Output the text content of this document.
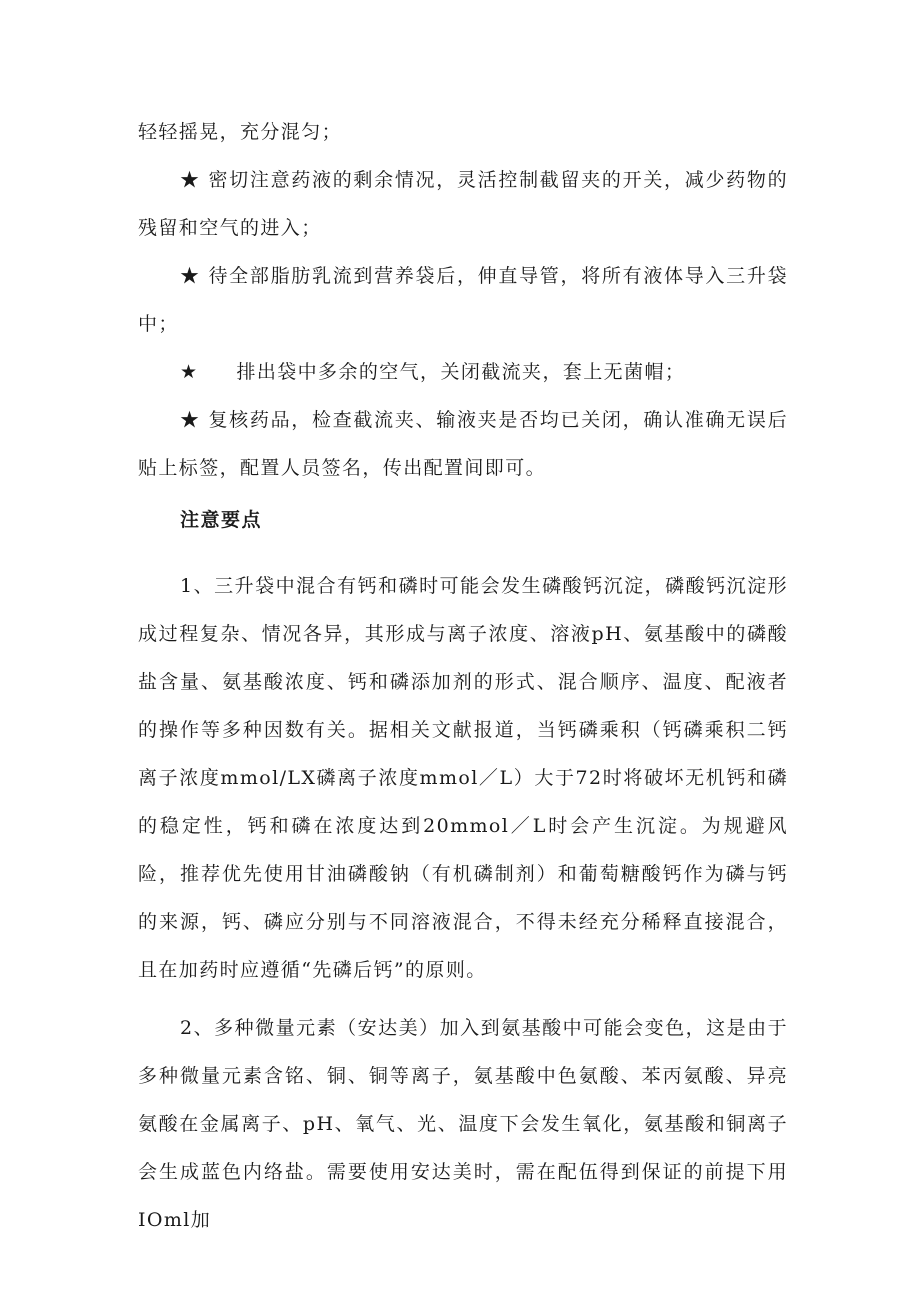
轻轻摇晃，充分混匀；

★ 密切注意药液的剩余情况，灵活控制截留夹的开关，减少药物的残留和空气的进入；

★ 待全部脂肪乳流到营养袋后，伸直导管，将所有液体导入三升袋中；

★ 排出袋中多余的空气，关闭截流夹，套上无菌帽；

★ 复核药品，检查截流夹、输液夹是否均已关闭，确认准确无误后贴上标签，配置人员签名，传出配置间即可。

注意要点

1、三升袋中混合有钙和磷时可能会发生磷酸钙沉淀，磷酸钙沉淀形成过程复杂、情况各异，其形成与离子浓度、溶液pH、氨基酸中的磷酸盐含量、氨基酸浓度、钙和磷添加剂的形式、混合顺序、温度、配液者的操作等多种因数有关。据相关文献报道，当钙磷乘积（钙磷乘积二钙离子浓度mmol/LX磷离子浓度mmol／L）大于72时将破坏无机钙和磷的稳定性，钙和磷在浓度达到20mmol／L时会产生沉淀。为规避风险，推荐优先使用甘油磷酸钠（有机磷制剂）和葡萄糖酸钙作为磷与钙的来源，钙、磷应分别与不同溶液混合，不得未经充分稀释直接混合，且在加药时应遵循“先磷后钙”的原则。

2、多种微量元素（安达美）加入到氨基酸中可能会变色，这是由于多种微量元素含铭、铜、铜等离子，氨基酸中色氨酸、苯丙氨酸、异亮氨酸在金属离子、pH、氧气、光、温度下会发生氧化，氨基酸和铜离子会生成蓝色内络盐。需要使用安达美时，需在配伍得到保证的前提下用IOml加
